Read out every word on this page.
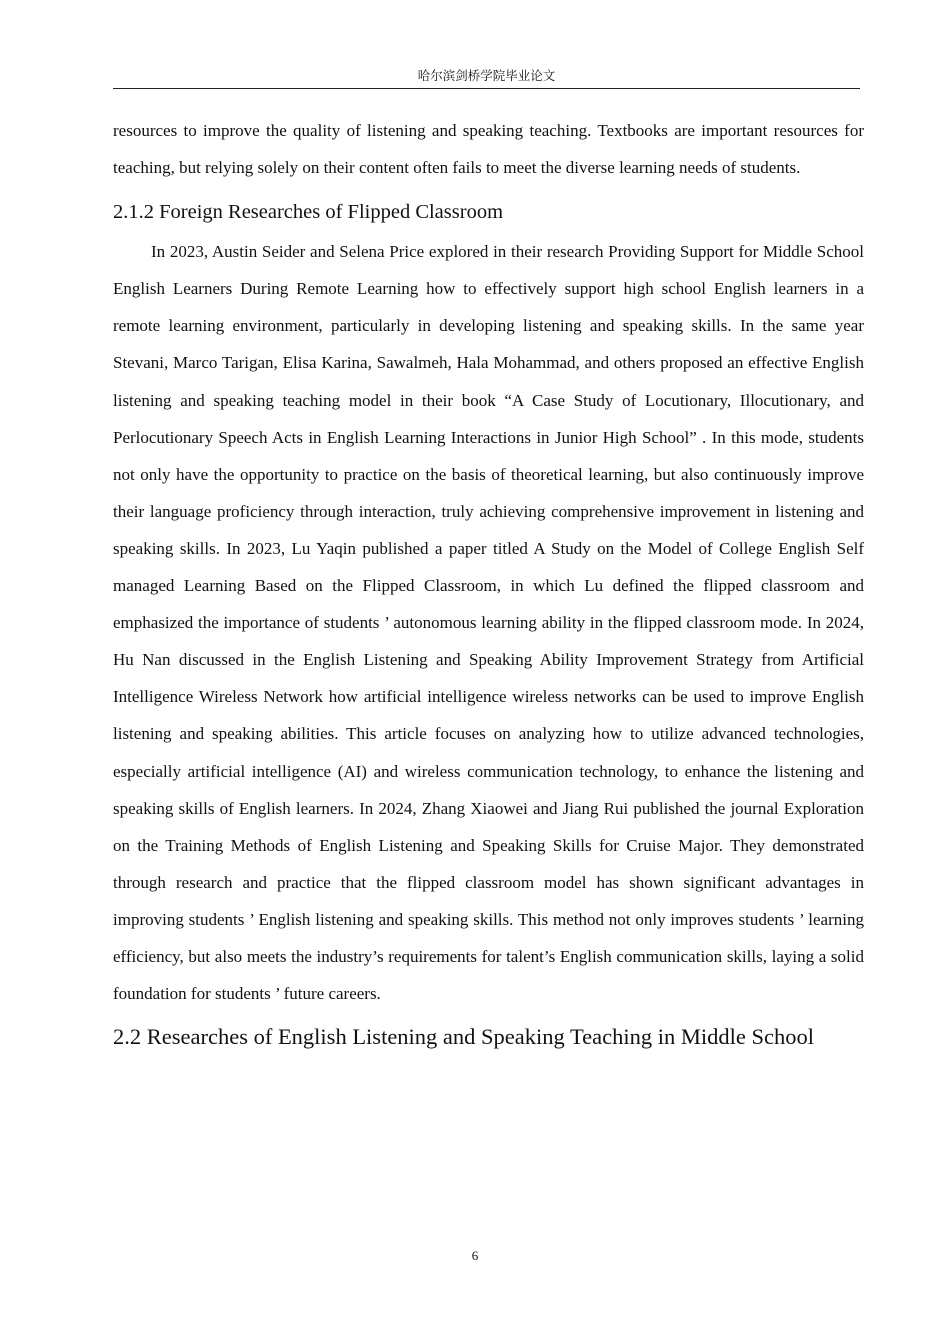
哈尔滨剑桥学院毕业论文

resources to improve the quality of listening and speaking teaching. Textbooks are important resources for teaching, but relying solely on their content often fails to meet the diverse learning needs of students.

2.1.2 Foreign Researches of Flipped Classroom

In 2023, Austin Seider and Selena Price explored in their research Providing Support for Middle School English Learners During Remote Learning how to effectively support high school English learners in a remote learning environment, particularly in developing listening and speaking skills. In the same year Stevani, Marco Tarigan, Elisa Karina, Sawalmeh, Hala Mohammad, and others proposed an effective English listening and speaking teaching model in their book “A Case Study of Locutionary, Illocutionary, and Perlocutionary Speech Acts in English Learning Interactions in Junior High School” . In this mode, students not only have the opportunity to practice on the basis of theoretical learning, but also continuously improve their language proficiency through interaction, truly achieving comprehensive improvement in listening and speaking skills. In 2023, Lu Yaqin published a paper titled A Study on the Model of College English Self managed Learning Based on the Flipped Classroom, in which Lu defined the flipped classroom and emphasized the importance of students ’ autonomous learning ability in the flipped classroom mode. In 2024, Hu Nan discussed in the English Listening and Speaking Ability Improvement Strategy from Artificial Intelligence Wireless Network how artificial intelligence wireless networks can be used to improve English listening and speaking abilities. This article focuses on analyzing how to utilize advanced technologies, especially artificial intelligence (AI) and wireless communication technology, to enhance the listening and speaking skills of English learners. In 2024, Zhang Xiaowei and Jiang Rui published the journal Exploration on the Training Methods of English Listening and Speaking Skills for Cruise Major. They demonstrated through research and practice that the flipped classroom model has shown significant advantages in improving students ’ English listening and speaking skills. This method not only improves students ’ learning efficiency, but also meets the industry’s requirements for talent’s English communication skills, laying a solid foundation for students ’ future careers.

2.2 Researches of English Listening and Speaking Teaching in Middle School
6
